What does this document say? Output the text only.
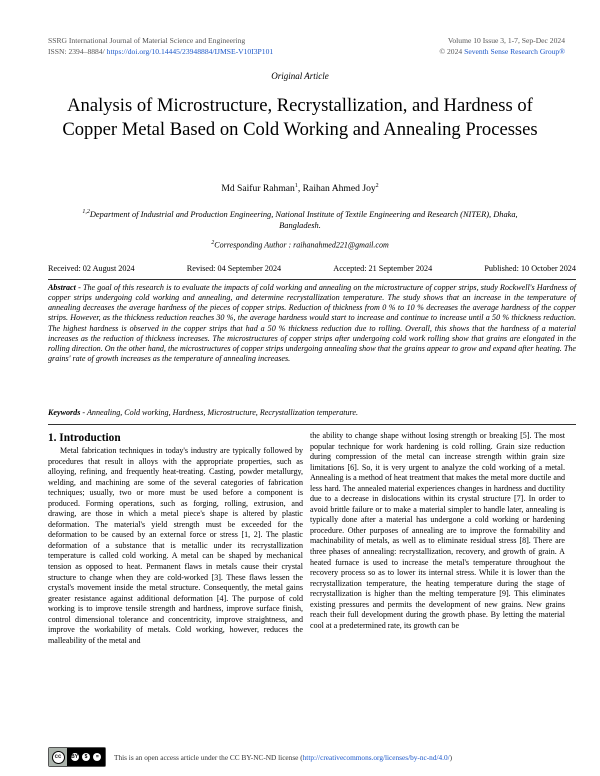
SSRG International Journal of Material Science and Engineering
ISSN: 2394–8884/ https://doi.org/10.14445/23948884/IJMSE-V10I3P101
Volume 10 Issue 3, 1-7, Sep-Dec 2024
© 2024 Seventh Sense Research Group®
Original Article
Analysis of Microstructure, Recrystallization, and Hardness of Copper Metal Based on Cold Working and Annealing Processes
Md Saifur Rahman$^1$, Raihan Ahmed Joy$^2$
$^{1,2}$Department of Industrial and Production Engineering, National Institute of Textile Engineering and Research (NITER), Dhaka, Bangladesh.
$^2$Corresponding Author : raihanahmed221@gmail.com
Received: 02 August 2024	Revised: 04 September 2024	Accepted: 21 September 2024	Published: 10 October 2024
Abstract - The goal of this research is to evaluate the impacts of cold working and annealing on the microstructure of copper strips, study Rockwell's Hardness of copper strips undergoing cold working and annealing, and determine recrystallization temperature. The study shows that an increase in the temperature of annealing decreases the average hardness of the pieces of copper strips. Reduction of thickness from 0 % to 10 % decreases the average hardness of the copper strips. However, as the thickness reduction reaches 30 %, the average hardness would start to increase and continue to increase until a 50 % thickness reduction. The highest hardness is observed in the copper strips that had a 50 % thickness reduction due to rolling. Overall, this shows that the hardness of a material increases as the reduction of thickness increases. The microstructures of copper strips after undergoing cold work rolling show that grains are elongated in the rolling direction. On the other hand, the microstructures of copper strips undergoing annealing show that the grains appear to grow and expand after heating. The grains' rate of growth increases as the temperature of annealing increases.
Keywords - Annealing, Cold working, Hardness, Microstructure, Recrystallization temperature.
1. Introduction

Metal fabrication techniques in today's industry are typically followed by procedures that result in alloys with the appropriate properties, such as alloying, refining, and frequently heat-treating. Casting, powder metallurgy, welding, and machining are some of the several categories of fabrication techniques; usually, two or more must be used before a component is produced. Forming operations, such as forging, rolling, extrusion, and drawing, are those in which a metal piece's shape is altered by plastic deformation. The material's yield strength must be exceeded for the deformation to be caused by an external force or stress [1, 2]. The plastic deformation of a substance that is metallic under its recrystallization temperature is called cold working. A metal can be shaped by mechanical tension as opposed to heat. Permanent flaws in metals cause their crystal structure to change when they are cold-worked [3]. These flaws lessen the crystal's movement inside the metal structure. Consequently, the metal gains greater resistance against additional deformation [4]. The purpose of cold working is to improve tensile strength and hardness, improve surface finish, control dimensional tolerance and concentricity, improve straightness, and improve the workability of metals. Cold working, however, reduces the malleability of the metal and

the ability to change shape without losing strength or breaking [5]. The most popular technique for work hardening is cold rolling. Grain size reduction during compression of the metal can increase strength within grain size limitations [6]. So, it is very urgent to analyze the cold working of a metal. Annealing is a method of heat treatment that makes the metal more ductile and less hard. The annealed material experiences changes in hardness and ductility due to a decrease in dislocations within its crystal structure [7]. In order to avoid brittle failure or to make a material simpler to handle later, annealing is typically done after a material has undergone a cold working or hardening procedure. Other purposes of annealing are to improve the formability and machinability of metals, as well as to eliminate residual stress [8]. There are three phases of annealing: recrystallization, recovery, and growth of grain. A heated furnace is used to increase the metal's temperature throughout the recovery process so as to lower its internal stress. While it is lower than the recrystallization temperature, the heating temperature during the stage of recrystallization is higher than the melting temperature [9]. This eliminates existing pressures and permits the development of new grains. New grains reach their full development during the growth phase. By letting the material cool at a predetermined rate, its growth can be

cc	BY	$	=	This is an open access article under the CC BY-NC-ND license (http://creativecommons.org/licenses/by-nc-nd/4.0/)
